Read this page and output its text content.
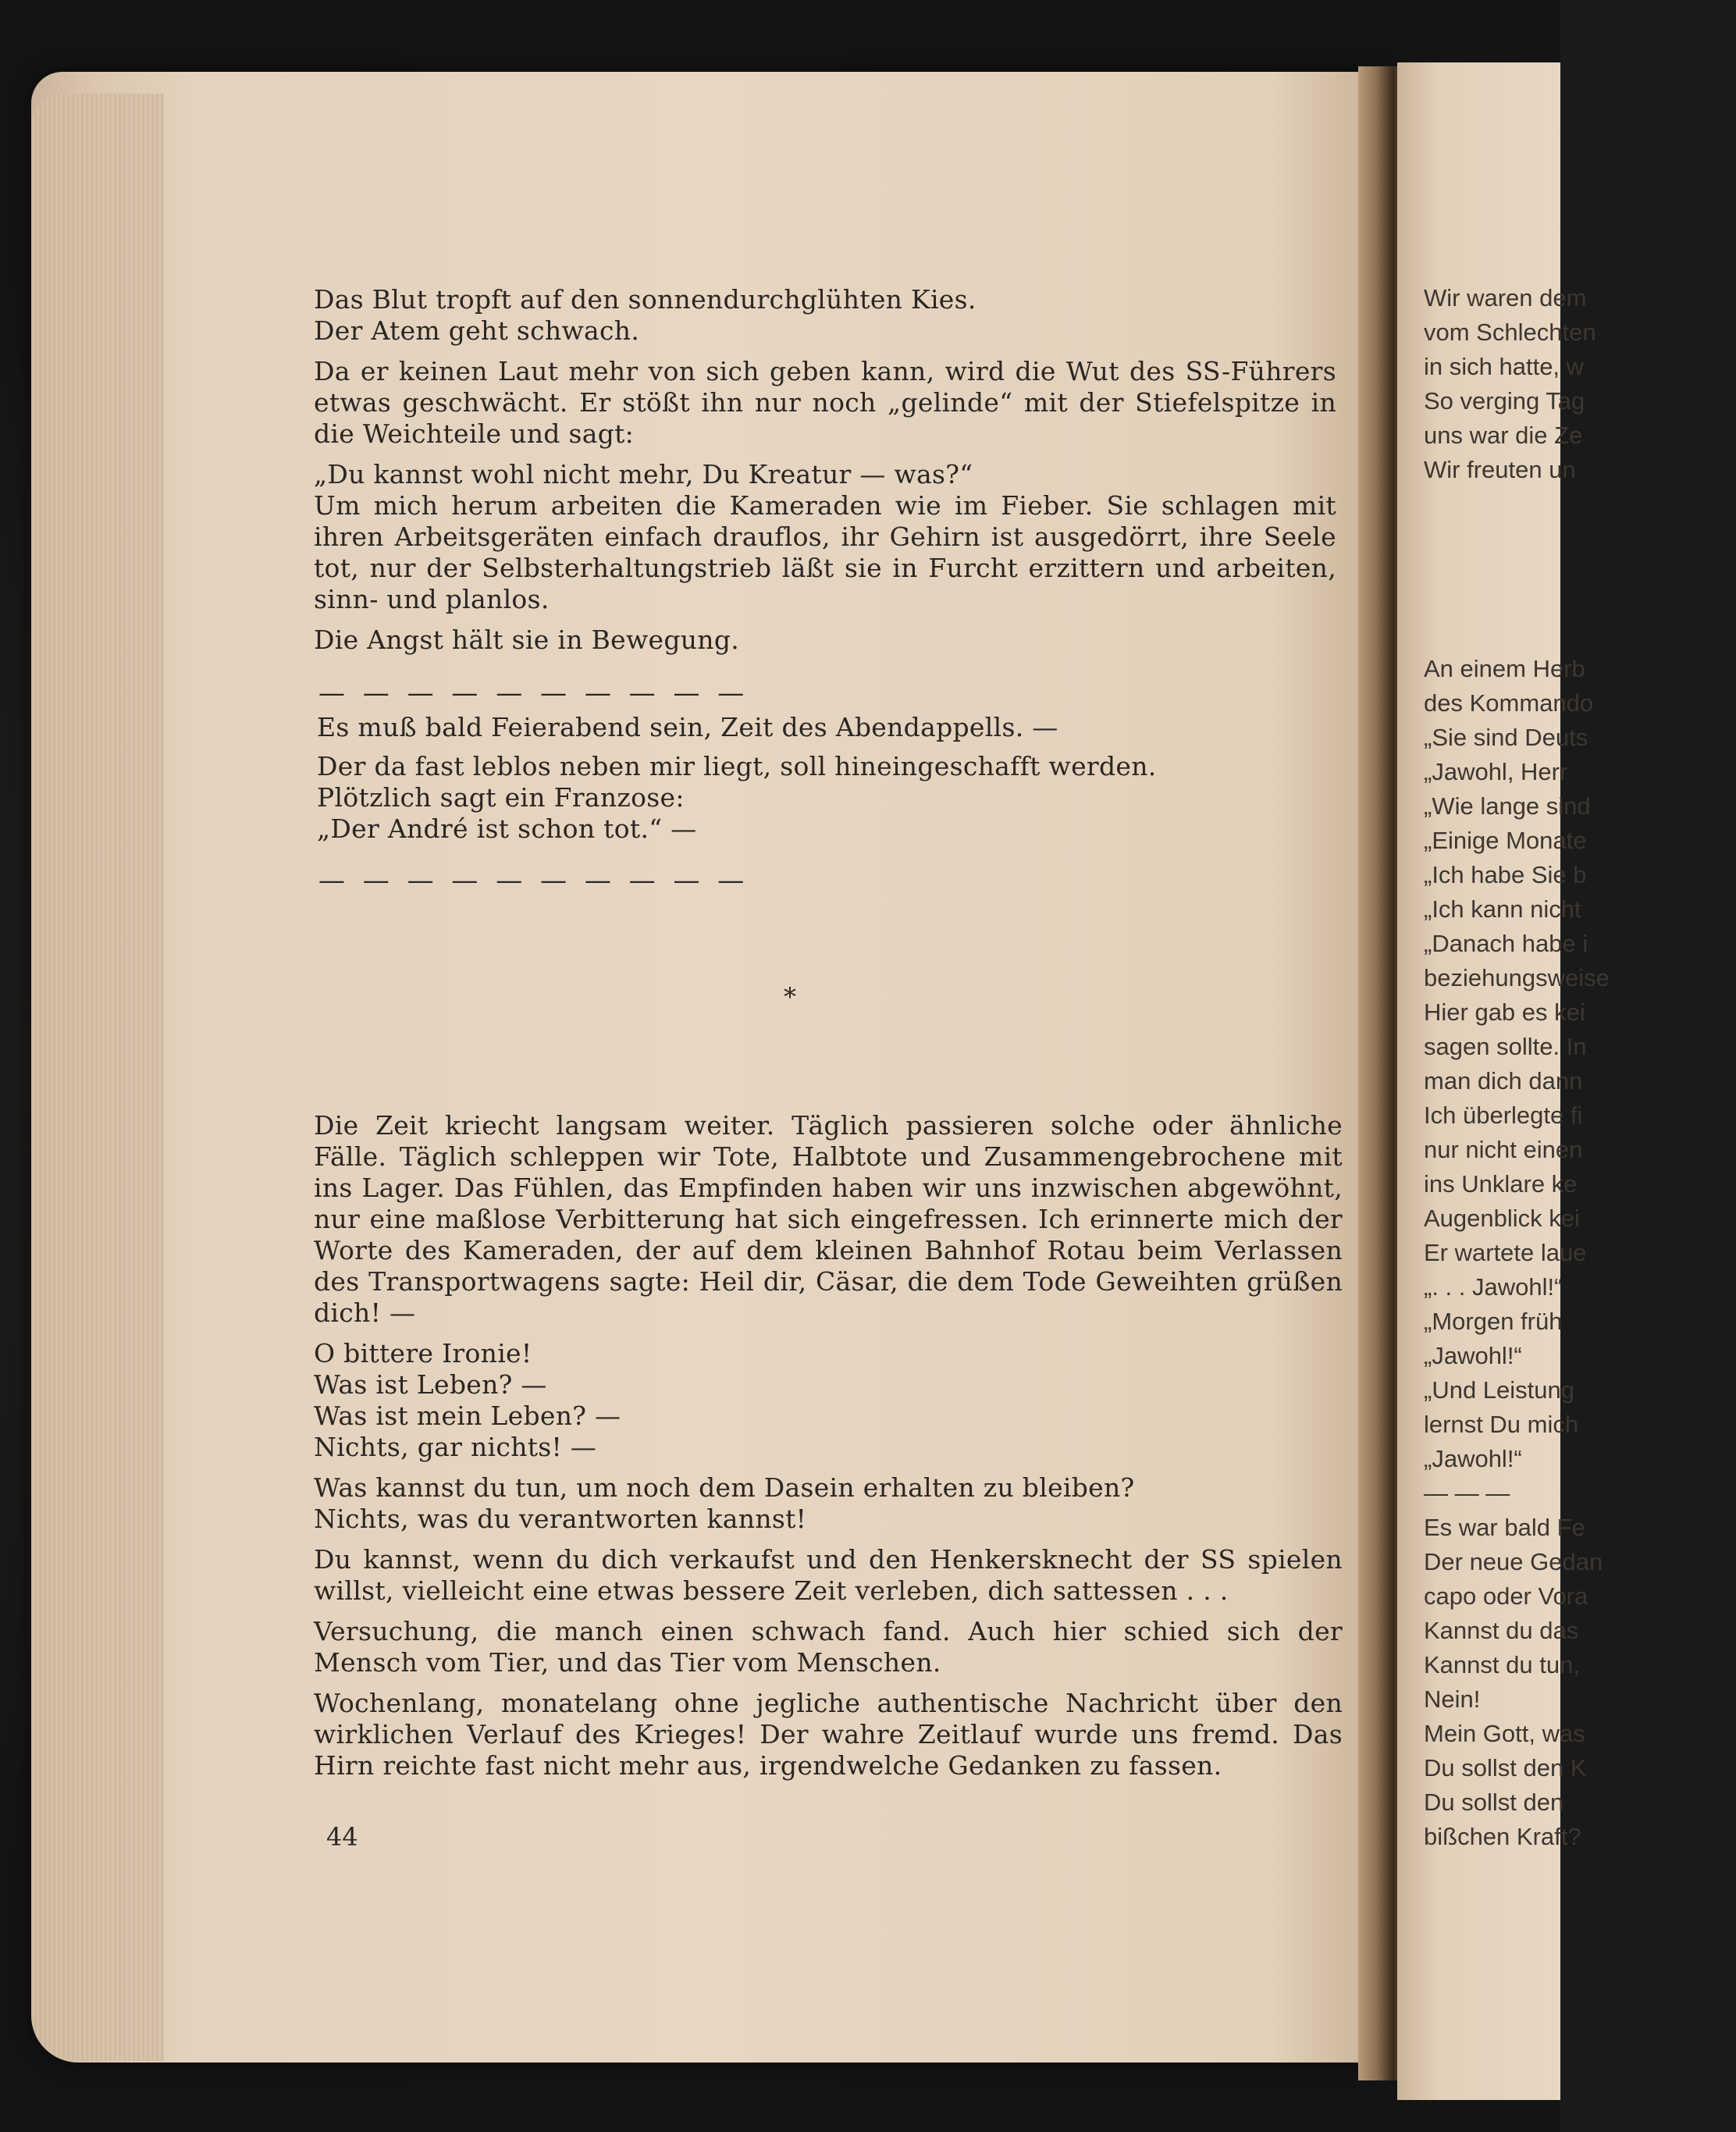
Wir waren dem
vom Schlechten
in sich hatte, w
So verging Tag
uns war die Ze
Wir freuten un
An einem Herb
des Kommando
„Sie sind Deuts
„Jawohl, Herr
„Wie lange sind
„Einige Monate
„Ich habe Sie b
„Ich kann nicht
„Danach habe i
beziehungsweise
Hier gab es kei
sagen sollte. In
man dich dann
Ich überlegte fi
nur nicht einen
ins Unklare ke
Augenblick kei
Er wartete laue
„. . . Jawohl!“
„Morgen früh
„Jawohl!“
„Und Leistung
lernst Du mich
„Jawohl!“
— — —
Es war bald Fe
Der neue Gedan
capo oder Vora
Kannst du das
Kannst du tun,
Nein!
Mein Gott, was
Du sollst den K
Du sollst den
bißchen Kraft?

Das Blut tropft auf den sonnendurchglühten Kies.

Der Atem geht schwach.

Da er keinen Laut mehr von sich geben kann, wird die Wut des SS-Führers etwas geschwächt. Er stößt ihn nur noch „gelinde“ mit der Stiefelspitze in die Weichteile und sagt:

„Du kannst wohl nicht mehr, Du Kreatur — was?“

Um mich herum arbeiten die Kameraden wie im Fieber. Sie schlagen mit ihren Arbeitsgeräten einfach drauflos, ihr Gehirn ist ausgedörrt, ihre Seele tot, nur der Selbsterhaltungstrieb läßt sie in Furcht erzittern und arbeiten, sinn- und planlos.

Die Angst hält sie in Bewegung.

— — — — — — — — — —

Es muß bald Feierabend sein, Zeit des Abendappells. —

Der da fast leblos neben mir liegt, soll hineingeschafft werden.

Plötzlich sagt ein Franzose:

„Der André ist schon tot.“ —

— — — — — — — — — —
*

Die Zeit kriecht langsam weiter. Täglich passieren solche oder ähnliche Fälle. Täglich schleppen wir Tote, Halbtote und Zusammengebrochene mit ins Lager. Das Fühlen, das Empfinden haben wir uns inzwischen abgewöhnt, nur eine maßlose Verbitterung hat sich eingefressen. Ich erinnerte mich der Worte des Kameraden, der auf dem kleinen Bahnhof Rotau beim Verlassen des Transportwagens sagte: Heil dir, Cäsar, die dem Tode Geweihten grüßen dich! —

O bittere Ironie!
Was ist Leben? —
Was ist mein Leben? —
Nichts, gar nichts! —

Was kannst du tun, um noch dem Dasein erhalten zu bleiben?
Nichts, was du verantworten kannst!

Du kannst, wenn du dich verkaufst und den Henkersknecht der SS spielen willst, vielleicht eine etwas bessere Zeit verleben, dich sattessen . . .

Versuchung, die manch einen schwach fand. Auch hier schied sich der Mensch vom Tier, und das Tier vom Menschen.

Wochenlang, monatelang ohne jegliche authentische Nachricht über den wirklichen Verlauf des Krieges! Der wahre Zeitlauf wurde uns fremd. Das Hirn reichte fast nicht mehr aus, irgendwelche Gedanken zu fassen.

44
